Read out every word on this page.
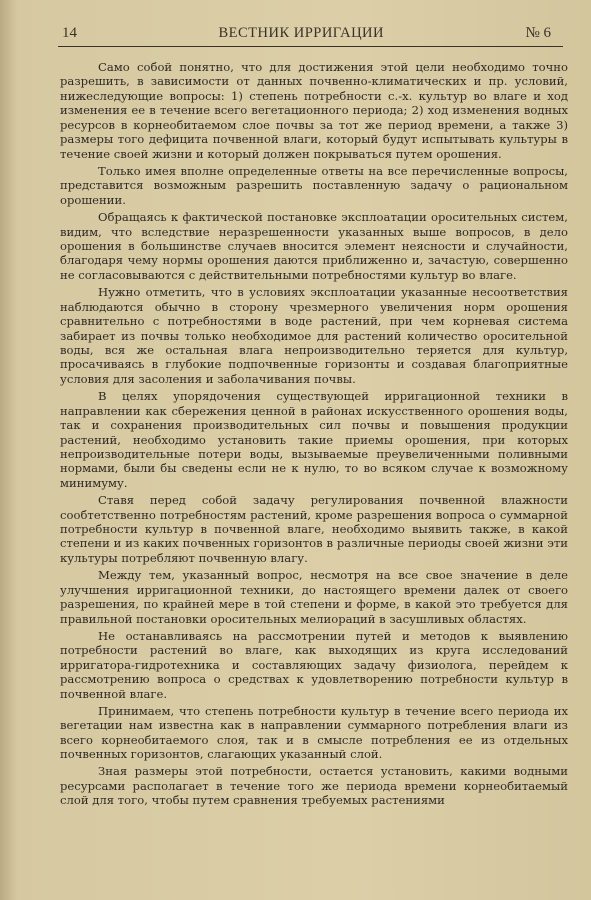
14	ВЕСТНИК ИРРИГАЦИИ	№ 6

Само собой понятно, что для достижения этой цели необходимо точно разрешить, в зависимости от данных почвенно-климатических и пр. условий, нижеследующие вопросы: 1) степень потребности с.-х. культур во влаге и ход изменения ее в течение всего вегетационного периода; 2) ход изменения водных ресурсов в корнеобитаемом слое почвы за тот же период времени, а также 3) размеры того дефицита почвенной влаги, который будут испытывать культуры в течение своей жизни и который должен покрываться путем орошения.

Только имея вполне определенные ответы на все перечисленные вопросы, представится возможным разрешить поставленную задачу о рациональном орошении.

Обращаясь к фактической постановке эксплоатации оросительных систем, видим, что вследствие неразрешенности указанных выше вопросов, в дело орошения в большинстве случаев вносится элемент неясности и случайности, благодаря чему нормы орошения даются приближенно и, зачастую, совершенно не согласовываются с действительными потребностями культур во влаге.

Нужно отметить, что в условиях эксплоатации указанные несоответствия наблюдаются обычно в сторону чрезмерного увеличения норм орошения сравнительно с потребностями в воде растений, при чем корневая система забирает из почвы только необходимое для растений количество оросительной воды, вся же остальная влага непроизводительно теряется для культур, просачиваясь в глубокие подпочвенные горизонты и создавая благоприятные условия для засоления и заболачивания почвы.

В целях упорядочения существующей ирригационной техники в направлении как сбережения ценной в районах искусственного орошения воды, так и сохранения производительных сил почвы и повышения продукции растений, необходимо установить такие приемы орошения, при которых непроизводительные потери воды, вызываемые преувеличенными поливными нормами, были бы сведены если не к нулю, то во всяком случае к возможному минимуму.

Ставя перед собой задачу регулирования почвенной влажности сообтетственно потребностям растений, кроме разрешения вопроса о суммарной потребности культур в почвенной влаге, необходимо выявить также, в какой степени и из каких почвенных горизонтов в различные периоды своей жизни эти культуры потребляют почвенную влагу.

Между тем, указанный вопрос, несмотря на все свое значение в деле улучшения ирригационной техники, до настоящего времени далек от своего разрешения, по крайней мере в той степени и форме, в какой это требуется для правильной постановки оросительных мелиораций в засушливых областях.

Не останавливаясь на рассмотрении путей и методов к выявлению потребности растений во влаге, как выходящих из круга исследований ирригатора-гидротехника и составляющих задачу физиолога, перейдем к рассмотрению вопроса о средствах к удовлетворению потребности культур в почвенной влаге.

Принимаем, что степень потребности культур в течение всего периода их вегетации нам известна как в направлении суммарного потребления влаги из всего корнеобитаемого слоя, так и в смысле потребления ее из отдельных почвенных горизонтов, слагающих указанный слой.

Зная размеры этой потребности, остается установить, какими водными ресурсами располагает в течение того же периода времени корнеобитаемый слой для того, чтобы путем сравнения требуемых растениями
